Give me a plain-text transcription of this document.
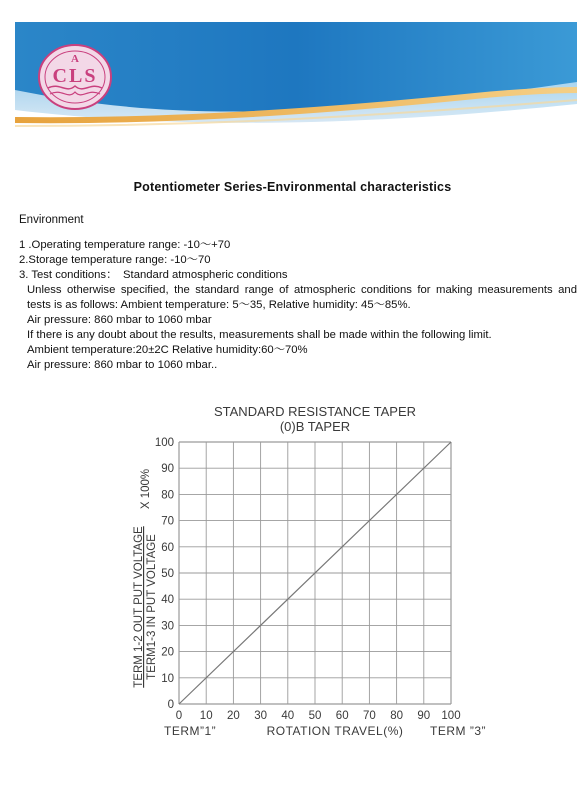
A
CLS
Potentiometer Series-Environmental characteristics
Environment
1 .Operating temperature range: -10～+70
2.Storage temperature range: -10～70
3. Test conditions：　Standard atmospheric conditions
Unless otherwise specified, the standard range of atmospheric conditions for making measurements and
tests is as follows: Ambient temperature: 5～35, Relative humidity: 45～85%.
Air pressure: 860 mbar to 1060 mbar
If there is any doubt about the results, measurements shall be made within the following limit.
Ambient temperature:20±2C Relative humidity:60～70%
Air pressure: 860 mbar to 1060 mbar..
STANDARD RESISTANCE TAPER
(0)B TAPER
0 10 20 30 40 50 60 70 80 90 100
0
10
20
30
40
50
60
70
80
90
100
TERM 1-2 OUT PUT VOLTAGE TERM1-3 IN PUT VOLTAGE
X 100%
TERM”1”	ROTATION TRAVEL(%) TERM ”3”
